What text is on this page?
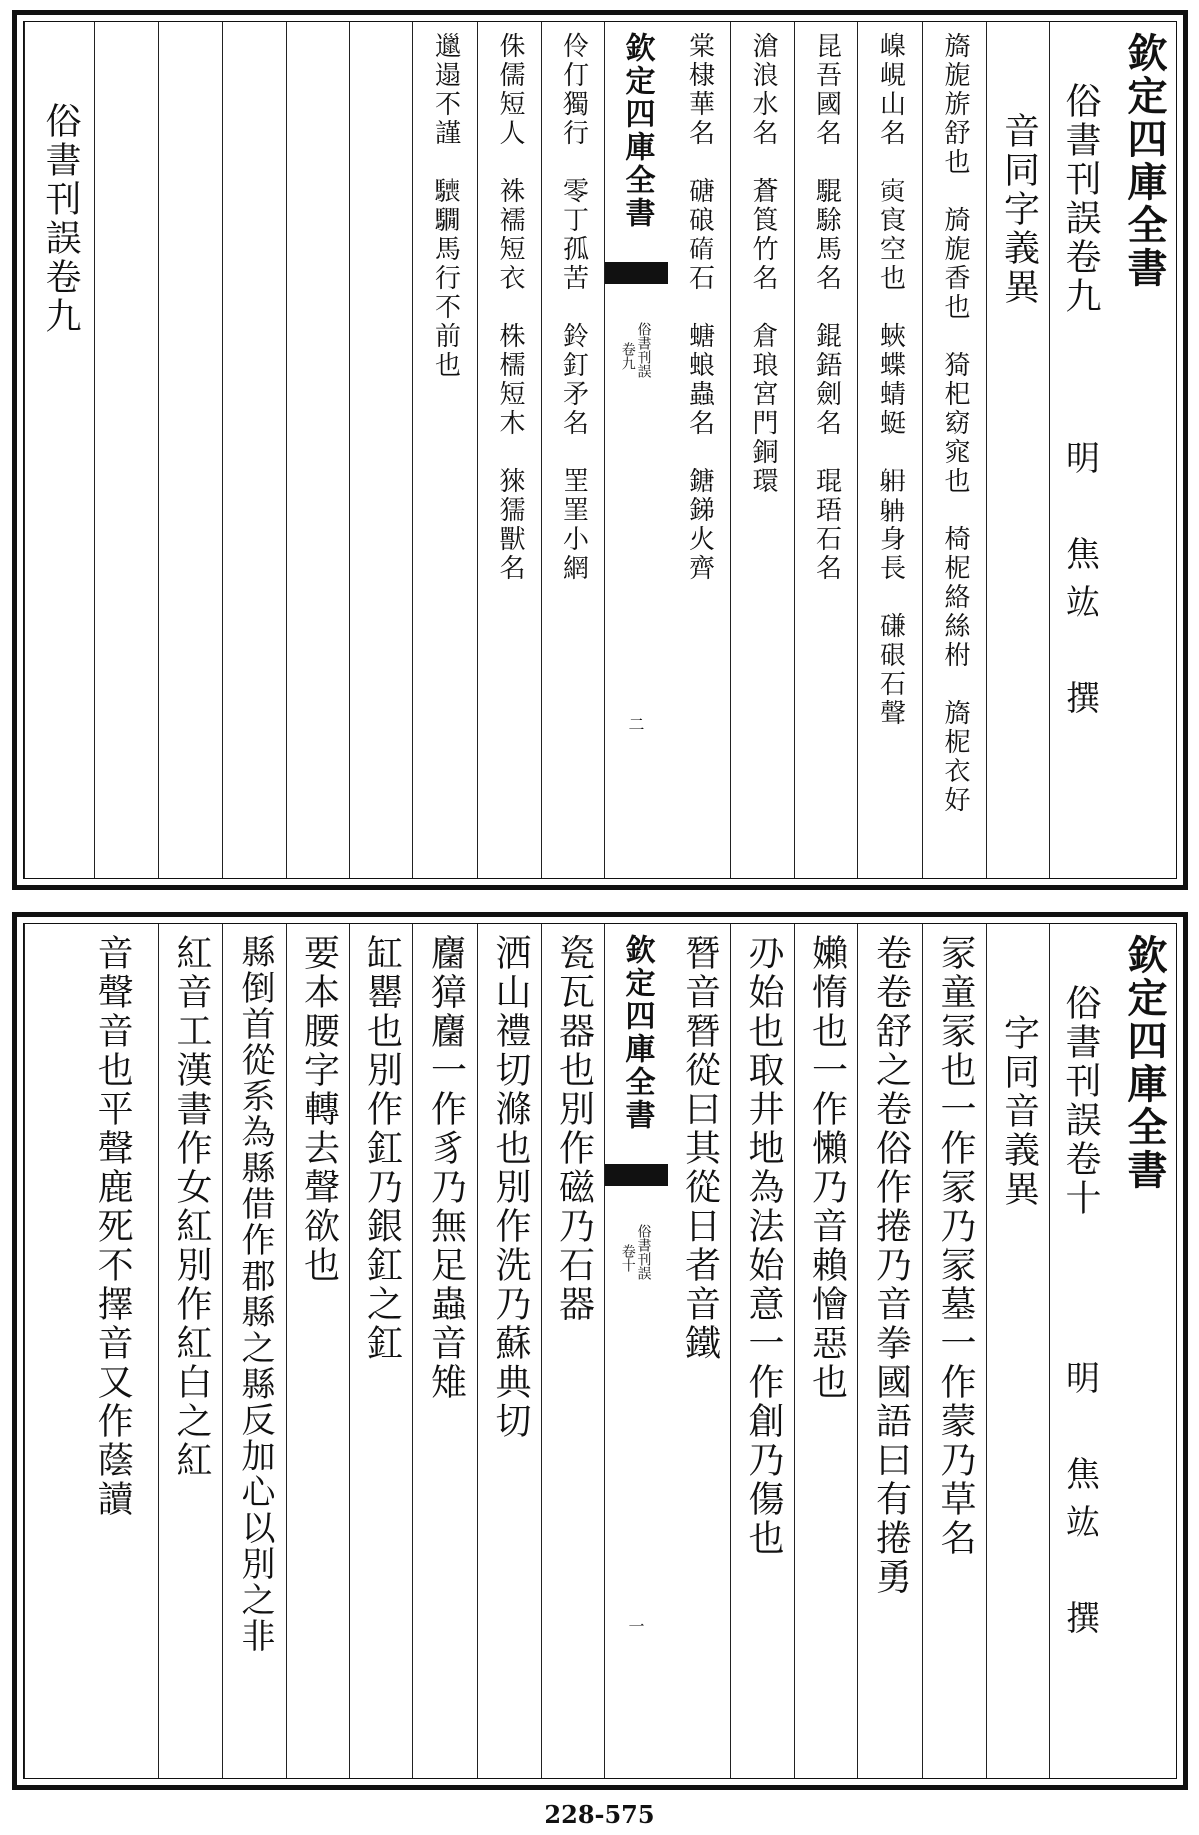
欽定四庫全書
俗書刊誤卷九
明　焦竑　撰
音同字義異
旖旎旂舒也　旑旎香也　猗𣏌窈窕也　椅柅絡絲柎　旖柅衣好
嵲峴山名　𡩟㝗空也　蛺蝶蜻蜓　𨈜𨈭身長　磏硍石聲
昆吾國名　騉駼馬名　錕鋙劍名　琨珸石名
滄浪水名　蒼筤竹名　倉琅宮門銅環
棠棣華名　磄硠𥓿石　螗蜋蟲名　鎕銻火齊
欽定四庫全書
俗書刊誤
卷九
二
伶仃獨行　零丁孤苦　鈴釘矛名　罜罣小網
侏儒短人　袾襦短衣　株檽短木　猍獳獸名
邋遢不謹　𩦌𩦂馬行不前也
俗書刊誤卷九
欽定四庫全書
俗書刊誤卷十
明　焦竑　撰
字同音義異
冡童冡也一作冡乃冡墓一作蒙乃草名
卷卷舒之卷俗作捲乃音拳國語曰有捲勇
嬾惰也一作懶乃音賴懀惡也
刅始也取井地為法始意一作創乃傷也
朁音朁從曰其從日者音鐵
欽定四庫全書
俗書刊誤
卷十
一
瓷瓦器也別作磁乃石器
洒山禮切滌也別作洗乃蘇典切
麕獐麕一作豸乃無足蟲音雉
缸罌也別作釭乃銀釭之釭
要本腰字轉去聲欲也
縣倒首從系為縣借作郡縣之縣反加心以別之非
紅音工漢書作女紅別作紅白之紅
音聲音也平聲鹿死不擇音又作蔭讀
228-575
